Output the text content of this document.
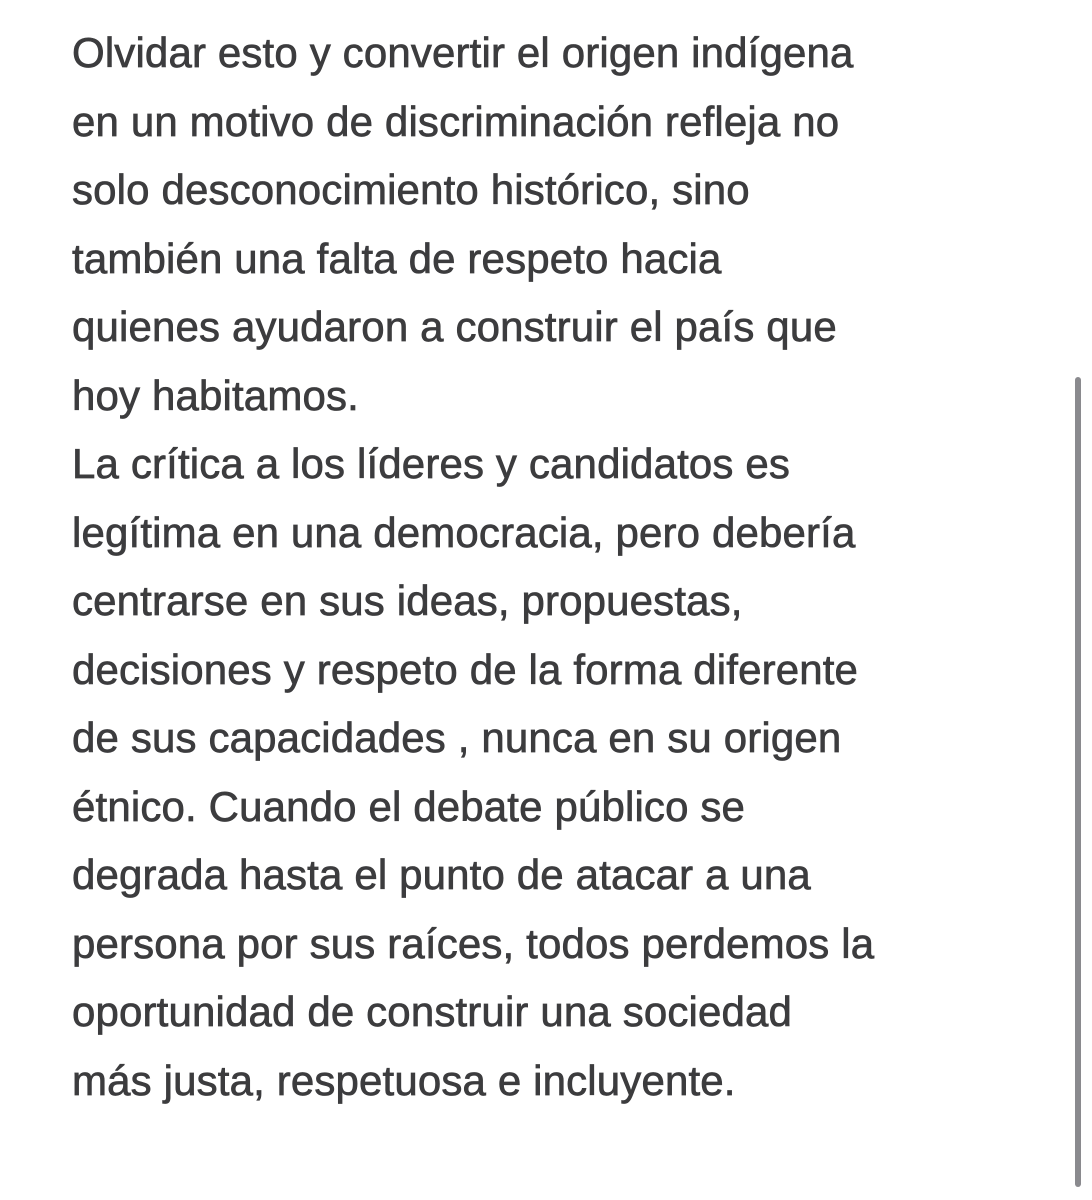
Olvidar esto y convertir el origen indígena
en un motivo de discriminación refleja no
solo desconocimiento histórico, sino
también una falta de respeto hacia
quienes ayudaron a construir el país que
hoy habitamos.
La crítica a los líderes y candidatos es
legítima en una democracia, pero debería
centrarse en sus ideas, propuestas,
decisiones y respeto de la forma diferente
de sus capacidades , nunca en su origen
étnico. Cuando el debate público se
degrada hasta el punto de atacar a una
persona por sus raíces, todos perdemos la
oportunidad de construir una sociedad
más justa, respetuosa e incluyente.
